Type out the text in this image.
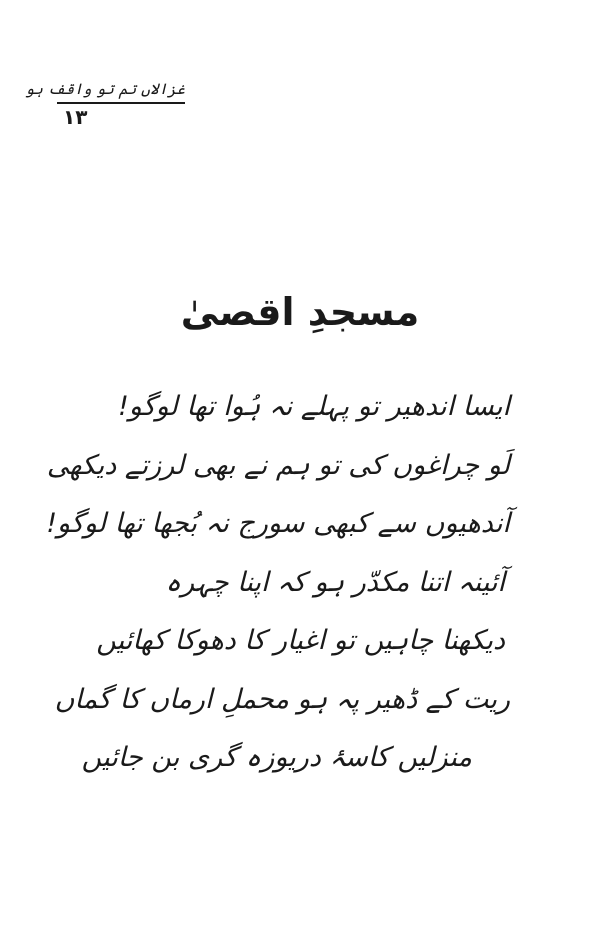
غزالاں تم تو واقف ہو
۱۳
مسجدِ اقصیٰ
ایسا اندھیر تو پہلے نہ ہُوا تھا لوگو!
لَو چراغوں کی تو ہم نے بھی لرزتے دیکھی
آندھیوں سے کبھی سورج نہ بُجھا تھا لوگو!
آئینہ اتنا مکدّر ہو کہ اپنا چہرہ
دیکھنا چاہیں تو اغیار کا دھوکا کھائیں
ریت کے ڈھیر پہ ہو محملِ ارماں کا گماں
منزلیں کاسۂ دریوزہ گری بن جائیں
